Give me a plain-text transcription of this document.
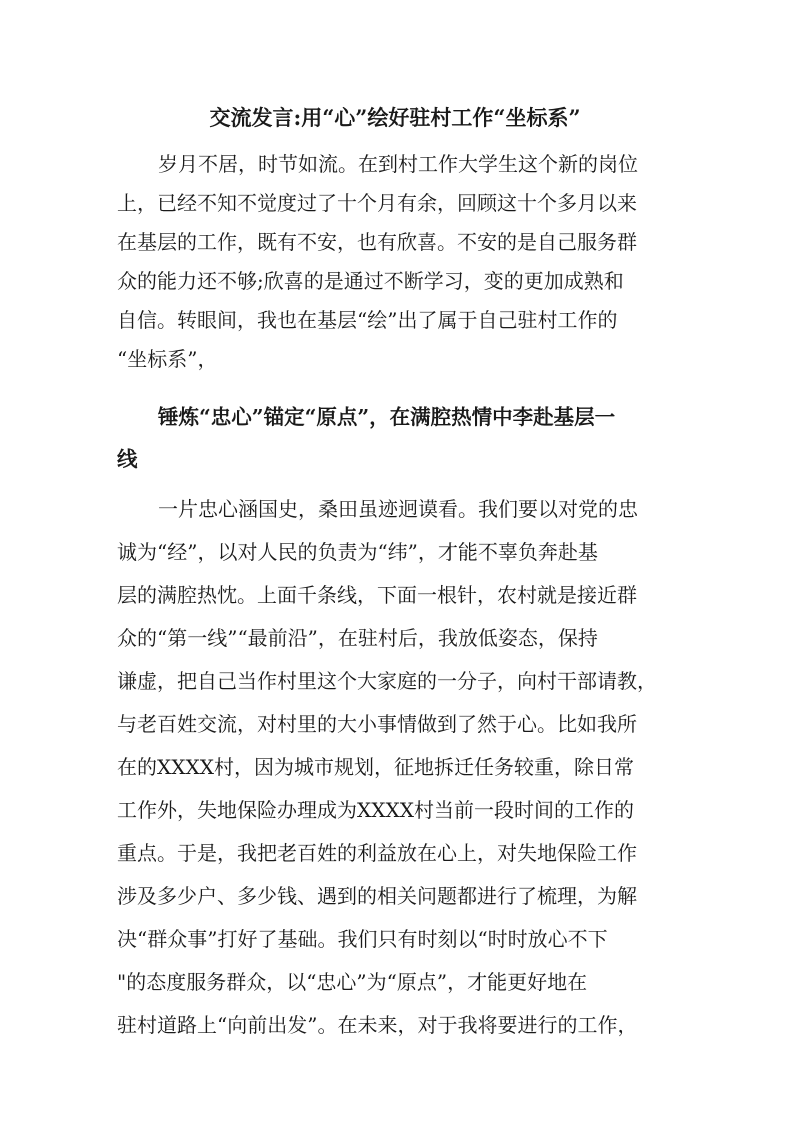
交流发言:用“心”绘好驻村工作“坐标系”
岁月不居，时节如流。在到村工作大学生这个新的岗位
上，已经不知不觉度过了十个月有余，回顾这十个多月以来
在基层的工作，既有不安，也有欣喜。不安的是自己服务群
众的能力还不够;欣喜的是通过不断学习，变的更加成熟和
自信。转眼间，我也在基层“绘”出了属于自己驻村工作的
“坐标系”，
锤炼“忠心”锚定“原点”，在满腔热情中李赴基层一
线
一片忠心涵国史，桑田虽迹迥谟看。我们要以对党的忠
诚为“经”，以对人民的负责为“纬”，才能不辜负奔赴基
层的满腔热忱。上面千条线，下面一根针，农村就是接近群
众的“第一线”“最前沿”，在驻村后，我放低姿态，保持
谦虚，把自己当作村里这个大家庭的一分子，向村干部请教，
与老百姓交流，对村里的大小事情做到了然于心。比如我所
在的XXXX村，因为城市规划，征地拆迁任务较重，除日常
工作外，失地保险办理成为XXXX村当前一段时间的工作的
重点。于是，我把老百姓的利益放在心上，对失地保险工作
涉及多少户、多少钱、遇到的相关问题都进行了梳理，为解
决“群众事”打好了基础。我们只有时刻以“时时放心不下
"的态度服务群众，以“忠心”为“原点”，才能更好地在
驻村道路上“向前出发”。在未来，对于我将要进行的工作，
